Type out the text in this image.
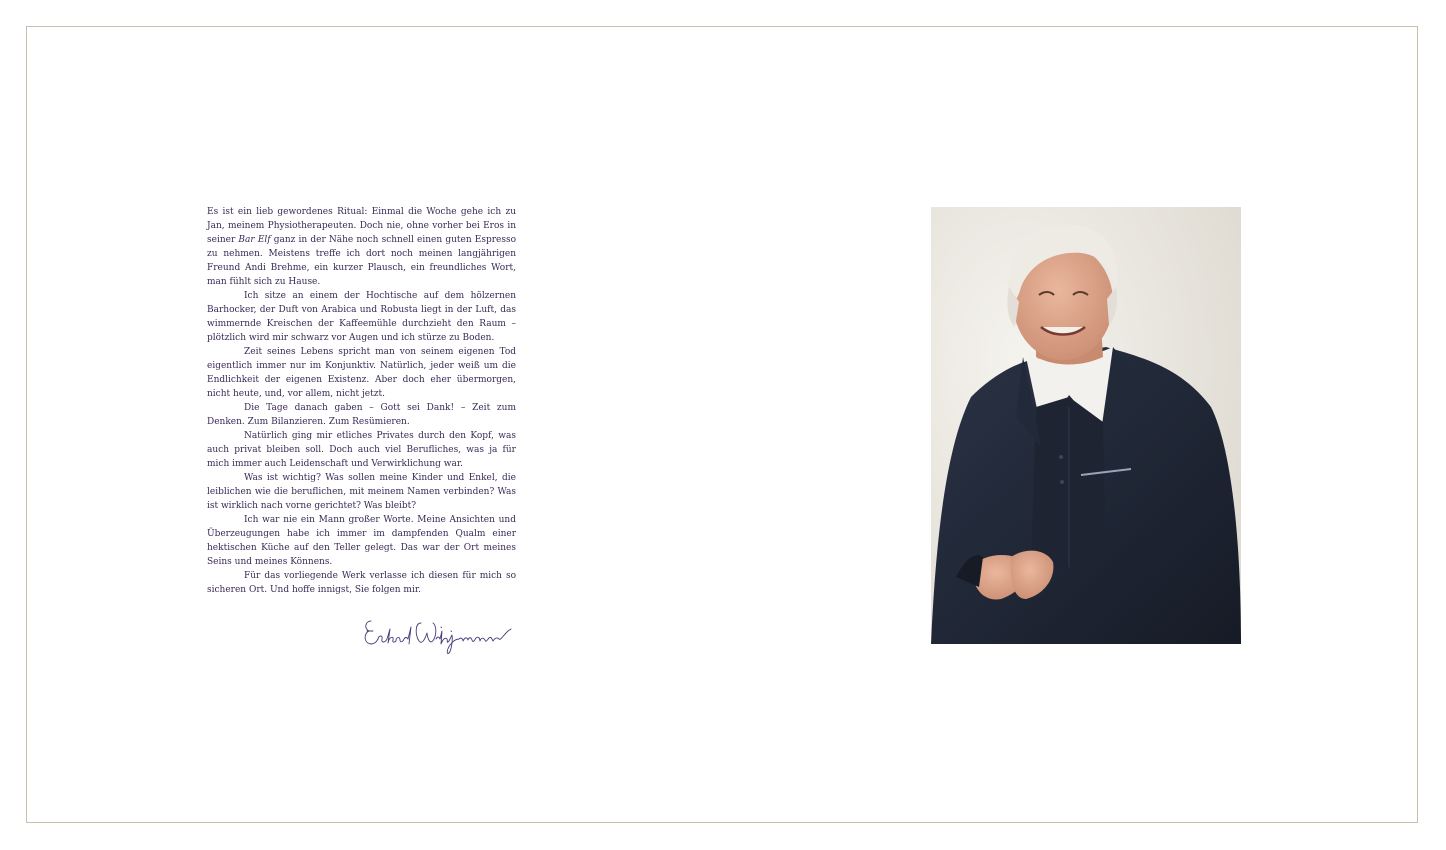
Es ist ein lieb gewordenes Ritual: Einmal die Woche gehe ich zu Jan, meinem Physiotherapeuten. Doch nie, ohne vorher bei Eros in seiner Bar Elf ganz in der Nähe noch schnell einen guten Espresso zu nehmen. Meistens treffe ich dort noch meinen langjährigen Freund Andi Brehme, ein kurzer Plausch, ein freundliches Wort, man fühlt sich zu Hause.

Ich sitze an einem der Hochtische auf dem hölzernen Barhocker, der Duft von Arabica und Robusta liegt in der Luft, das wimmernde Kreischen der Kaffeemühle durchzieht den Raum – plötzlich wird mir schwarz vor Augen und ich stürze zu Boden.

Zeit seines Lebens spricht man von seinem eigenen Tod eigentlich immer nur im Konjunktiv. Natürlich, jeder weiß um die Endlichkeit der eigenen Existenz. Aber doch eher übermorgen, nicht heute, und, vor allem, nicht jetzt.

Die Tage danach gaben – Gott sei Dank! – Zeit zum Denken. Zum Bilanzieren. Zum Resümieren.

Natürlich ging mir etliches Privates durch den Kopf, was auch privat bleiben soll. Doch auch viel Berufliches, was ja für mich immer auch Leidenschaft und Verwirklichung war.

Was ist wichtig? Was sollen meine Kinder und Enkel, die leiblichen wie die beruflichen, mit meinem Namen verbinden? Was ist wirklich nach vorne gerichtet? Was bleibt?

Ich war nie ein Mann großer Worte. Meine Ansichten und Überzeugungen habe ich immer im dampfenden Qualm einer hektischen Küche auf den Teller gelegt. Das war der Ort meines Seins und meines Könnens.

Für das vorliegende Werk verlasse ich diesen für mich so sicheren Ort. Und hoffe innigst, Sie folgen mir.
